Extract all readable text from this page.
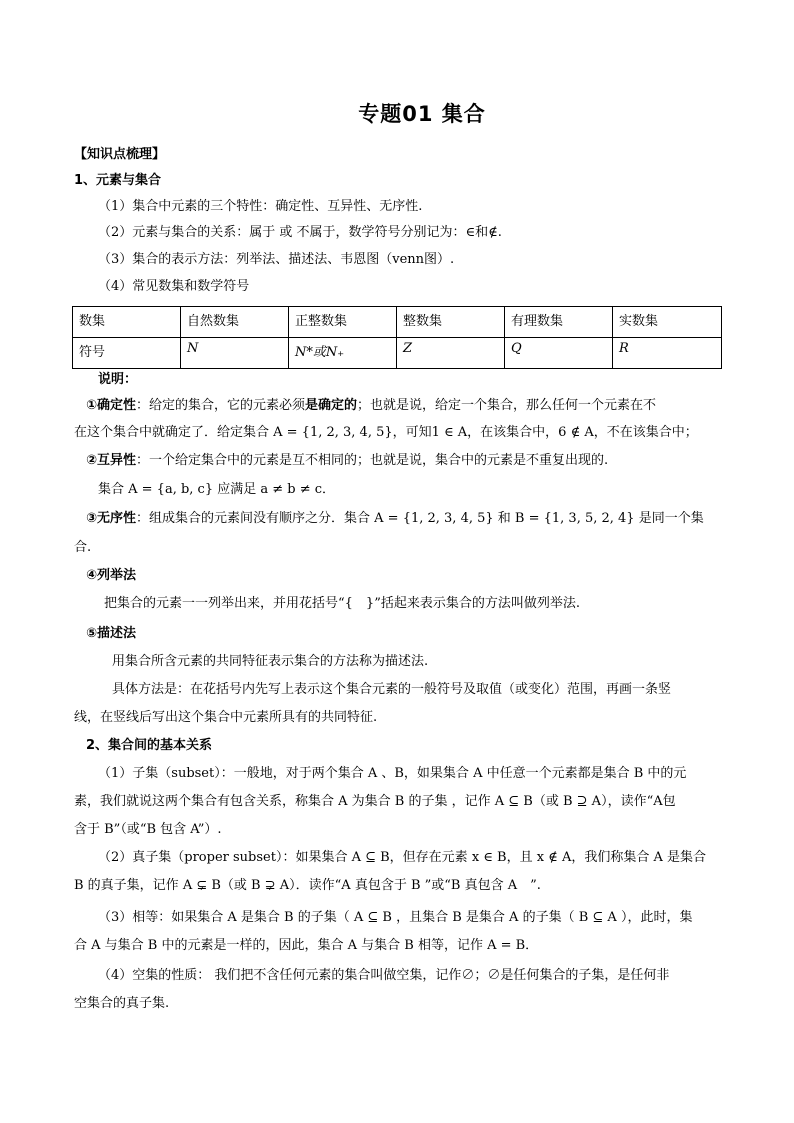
专题01 集合
【知识点梳理】
1、元素与集合
（1）集合中元素的三个特性：确定性、互异性、无序性.
（2）元素与集合的关系：属于 或 不属于，数学符号分别记为：∈和∉.
（3）集合的表示方法：列举法、描述法、韦恩图（venn图）.
（4）常见数集和数学符号
数集	自然数集	正整数集	整数集	有理数集	实数集
符号	N	N*或N₊	Z	Q	R
说明：
①确定性：给定的集合，它的元素必须是确定的；也就是说，给定一个集合，那么任何一个元素在不
在这个集合中就确定了．给定集合 A = {1, 2, 3, 4, 5}，可知1 ∈ A，在该集合中，6 ∉ A，不在该集合中；
②互异性：一个给定集合中的元素是互不相同的；也就是说，集合中的元素是不重复出现的.
集合 A = {a, b, c} 应满足 a ≠ b ≠ c．
③无序性：组成集合的元素间没有顺序之分．集合 A = {1, 2, 3, 4, 5} 和 B = {1, 3, 5, 2, 4} 是同一个集
合.
④列举法
把集合的元素一一列举出来，并用花括号“{　}”括起来表示集合的方法叫做列举法.
⑤描述法
用集合所含元素的共同特征表示集合的方法称为描述法.
具体方法是：在花括号内先写上表示这个集合元素的一般符号及取值（或变化）范围，再画一条竖
线，在竖线后写出这个集合中元素所具有的共同特征.
2、集合间的基本关系
（1）子集（subset）：一般地，对于两个集合 A 、B，如果集合 A 中任意一个元素都是集合 B 中的元
素，我们就说这两个集合有包含关系，称集合 A 为集合 B 的子集 ，记作 A ⊆ B（或 B ⊇ A），读作“A包
含于 B”（或“B 包含 A”）.
（2）真子集（proper subset）：如果集合 A ⊆ B，但存在元素 x ∈ B，且 x ∉ A，我们称集合 A 是集合
B 的真子集，记作 A ⊊ B（或 B ⊋ A）．读作“A 真包含于 B ”或“B 真包含 A　”.
（3）相等：如果集合 A 是集合 B 的子集（ A ⊆ B ，且集合 B 是集合 A 的子集（ B ⊆ A ），此时，集
合 A 与集合 B 中的元素是一样的，因此，集合 A 与集合 B 相等，记作 A = B．
（4）空集的性质： 我们把不含任何元素的集合叫做空集，记作∅；∅是任何集合的子集，是任何非
空集合的真子集.
